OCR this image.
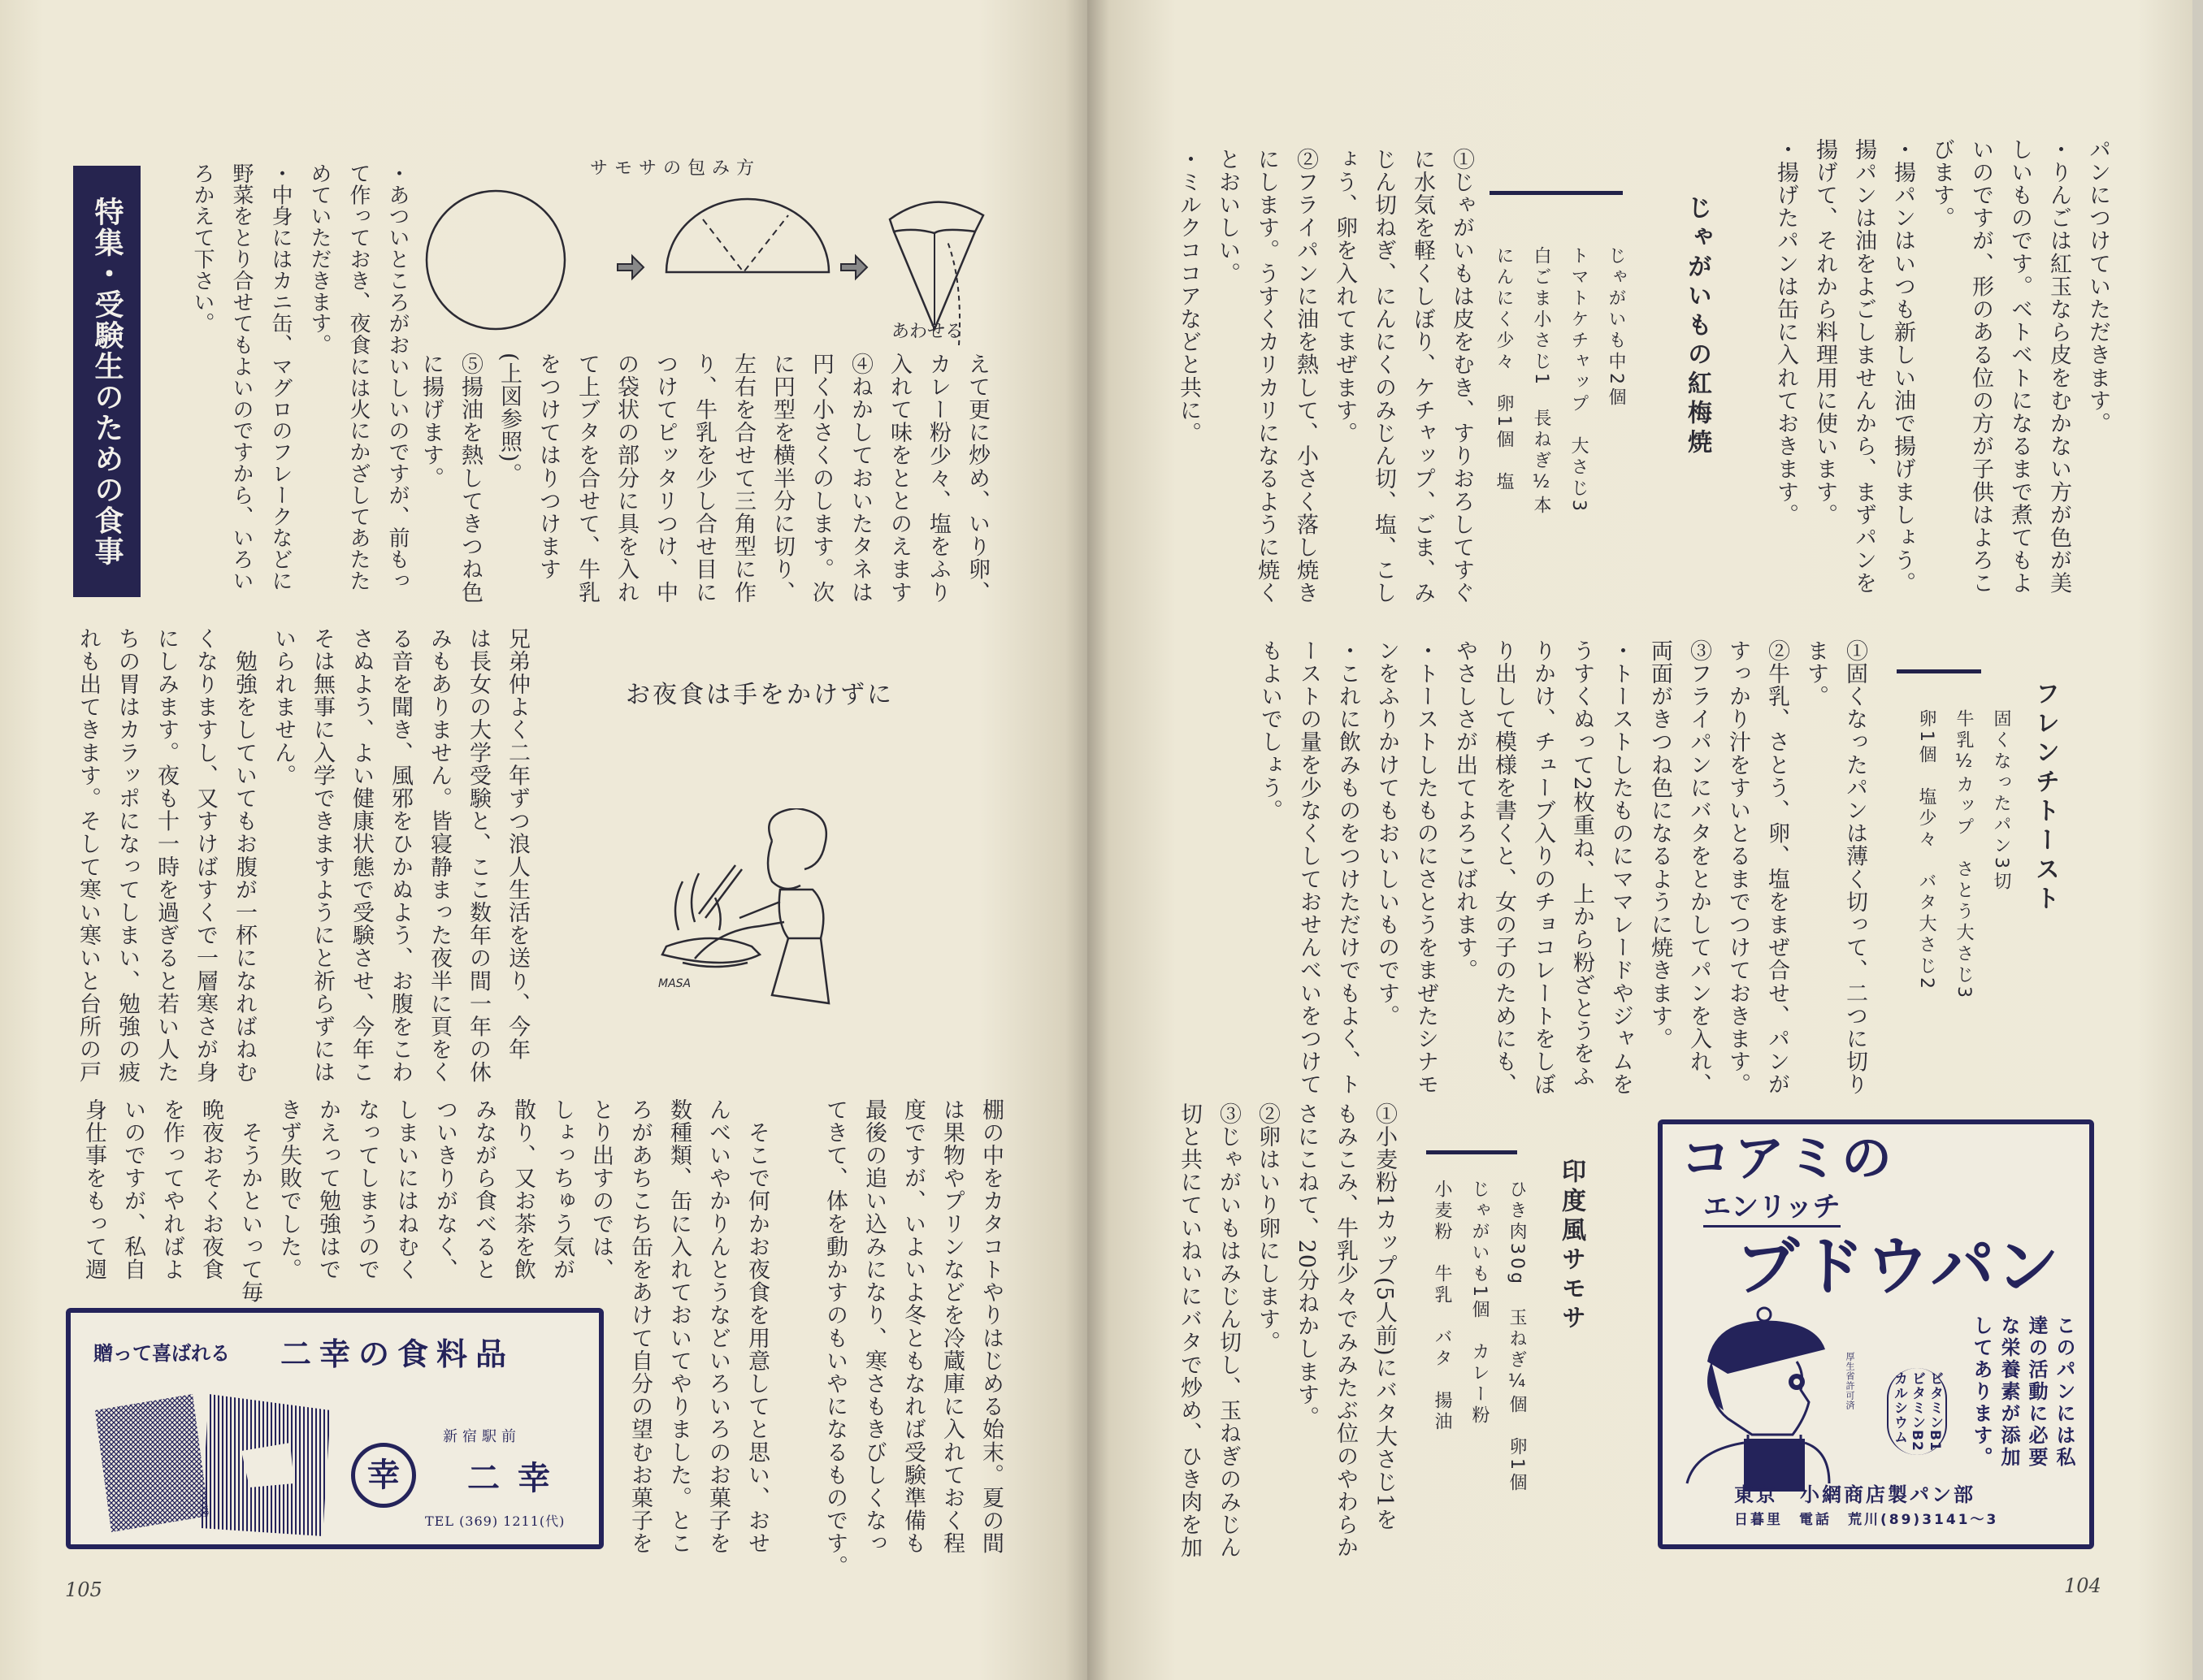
特集・受験生のための食事	・あついところがおいしいのですが、前もっ
て作っておき、夜食には火にかざしてあたた
めていただきます。
・中身にはカニ缶、マグロのフレークなどに
野菜をとり合せてもよいのですから、いろい
ろかえて下さい。	サモサの包み方
あわせる
えて更に炒め、いり卵、
カレー粉少々、塩をふり
入れて味をととのえます
④ねかしておいたタネは
円く小さくのします。次
に円型を横半分に切り、
左右を合せて三角型に作
り、牛乳を少し合せ目に
つけてピッタリつけ、中
の袋状の部分に具を入れ
て上ブタを合せて、牛乳
をつけてはりつけます
(上図参照)。
⑤揚油を熱してきつね色
に揚げます。
お夜食は手をかけずに
MASA
兄弟仲よく二年ずつ浪人生活を送り、今年
は長女の大学受験と、ここ数年の間一年の休
みもありません。皆寝静まった夜半に頁をく
る音を聞き、風邪をひかぬよう、お腹をこわ
さぬよう、よい健康状態で受験させ、今年こ
そは無事に入学できますようにと祈らずには
いられません。
　勉強をしていてもお腹が一杯になればねむ
くなりますし、又すけばすくで一層寒さが身
にしみます。夜も十一時を過ぎると若い人た
ちの胃はカラッポになってしまい、勉強の疲
れも出てきます。そして寒い寒いと台所の戸
棚の中をカタコトやりはじめる始末。夏の間
は果物やプリンなどを冷蔵庫に入れておく程
度ですが、いよいよ冬ともなれば受験準備も
最後の追い込みになり、寒さもきびしくなっ
てきて、体を動かすのもいやになるものです。

　そこで何かお夜食を用意してと思い、おせ
んべいやかりんとうなどいろいろのお菓子を
数種類、缶に入れておいてやりました。とこ
ろがあちこち缶をあけて自分の望むお菓子を
とり出すのでは、
しょっちゅう気が
散り、又お茶を飲
みながら食べると
ついきりがなく、
しまいにはねむく
なってしまうので
かえって勉強はで
きず失敗でした。
　そうかといって毎
晩夜おそくお夜食
を作ってやればよ
いのですが、私自
身仕事をもって週
贈って喜ばれる 二幸の食料品
幸
新宿駅前
二幸
TEL (369) 1211(代)
105
パンにつけていただきます。
・りんごは紅玉なら皮をむかない方が色が美
しいものです。ベトベトになるまで煮てもよ
いのですが、形のある位の方が子供はよろこ
びます。
・揚パンはいつも新しい油で揚げましょう。
揚パンは油をよごしませんから、まずパンを
揚げて、それから料理用に使います。
・揚げたパンは缶に入れておきます。
じゃがいもの紅梅焼
じゃがいも中2個
トマトケチャップ　大さじ3
白ごま小さじ1　長ねぎ½本
にんにく少々　卵1個　塩
①じゃがいもは皮をむき、すりおろしてすぐ
に水気を軽くしぼり、ケチャップ、ごま、み
じん切ねぎ、にんにくのみじん切、塩、こし
ょう、卵を入れてまぜます。
②フライパンに油を熱して、小さく落し焼き
にします。うすくカリカリになるように焼く
とおいしい。
・ミルクココアなどと共に。
フレンチトースト
固くなったパン3切
牛乳½カップ　さとう大さじ3
卵1個　塩少々　バタ大さじ2
①固くなったパンは薄く切って、二つに切り
ます。
②牛乳、さとう、卵、塩をまぜ合せ、パンが
すっかり汁をすいとるまでつけておきます。
③フライパンにバタをとかしてパンを入れ、
両面がきつね色になるように焼きます。
・トーストしたものにママレードやジャムを
うすくぬって2枚重ね、上から粉ざとうをふ
りかけ、チューブ入りのチョコレートをしぼ
り出して模様を書くと、女の子のためにも、
やさしさが出てよろこばれます。
・トーストしたものにさとうをまぜたシナモ
ンをふりかけてもおいしいものです。
・これに飲みものをつけただけでもよく、ト
ーストの量を少なくしておせんべいをつけて
もよいでしょう。
印度風サモサ
ひき肉30g　玉ねぎ¼個　卵1個
じゃがいも1個　カレー粉
小麦粉　牛乳　バタ　揚油
①小麦粉1カップ(5人前)にバタ大さじ1を
もみこみ、牛乳少々でみみたぶ位のやわらか
さにこねて、20分ねかします。
②卵はいり卵にします。
③じゃがいもはみじん切し、玉ねぎのみじん
切と共にていねいにバタで炒め、ひき肉を加	コアミの
エンリッチ
ブドウパン
厚生省許可済	ビタミンB1
ビタミンB2
カルシウム	このパンには私
達の活動に必要
な栄養素が添加
してあります。
東京　小網商店製パン部
日暮里　電話　荒川(89)3141～3
104
